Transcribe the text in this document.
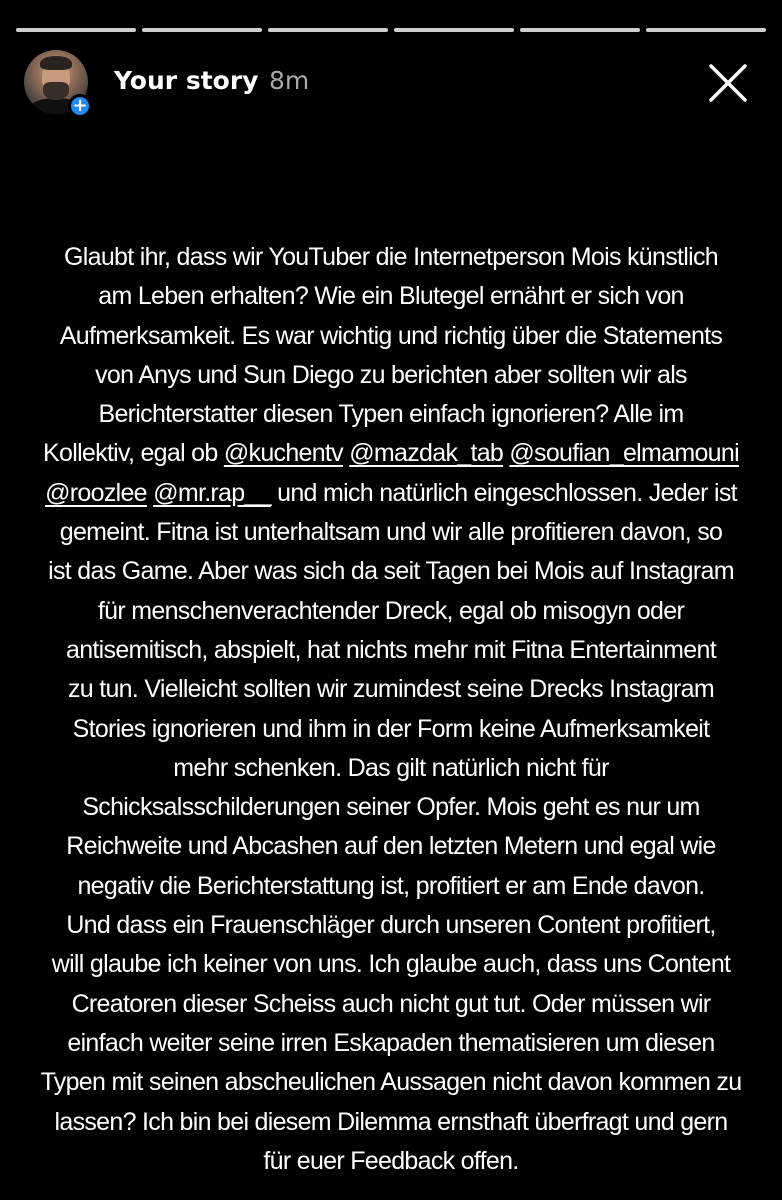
+
Your story 8m
Glaubt ihr, dass wir YouTuber die Internetperson Mois künstlich
am Leben erhalten? Wie ein Blutegel ernährt er sich von
Aufmerksamkeit. Es war wichtig und richtig über die Statements
von Anys und Sun Diego zu berichten aber sollten wir als
Berichterstatter diesen Typen einfach ignorieren? Alle im
Kollektiv, egal ob @kuchentv @mazdak_tab @soufian_elmamouni
@roozlee @mr.rap__ und mich natürlich eingeschlossen. Jeder ist
gemeint. Fitna ist unterhaltsam und wir alle profitieren davon, so
ist das Game. Aber was sich da seit Tagen bei Mois auf Instagram
für menschenverachtender Dreck, egal ob misogyn oder
antisemitisch, abspielt, hat nichts mehr mit Fitna Entertainment
zu tun. Vielleicht sollten wir zumindest seine Drecks Instagram
Stories ignorieren und ihm in der Form keine Aufmerksamkeit
mehr schenken. Das gilt natürlich nicht für
Schicksalsschilderungen seiner Opfer. Mois geht es nur um
Reichweite und Abcashen auf den letzten Metern und egal wie
negativ die Berichterstattung ist, profitiert er am Ende davon.
Und dass ein Frauenschläger durch unseren Content profitiert,
will glaube ich keiner von uns. Ich glaube auch, dass uns Content
Creatoren dieser Scheiss auch nicht gut tut. Oder müssen wir
einfach weiter seine irren Eskapaden thematisieren um diesen
Typen mit seinen abscheulichen Aussagen nicht davon kommen zu
lassen? Ich bin bei diesem Dilemma ernsthaft überfragt und gern
für euer Feedback offen.
